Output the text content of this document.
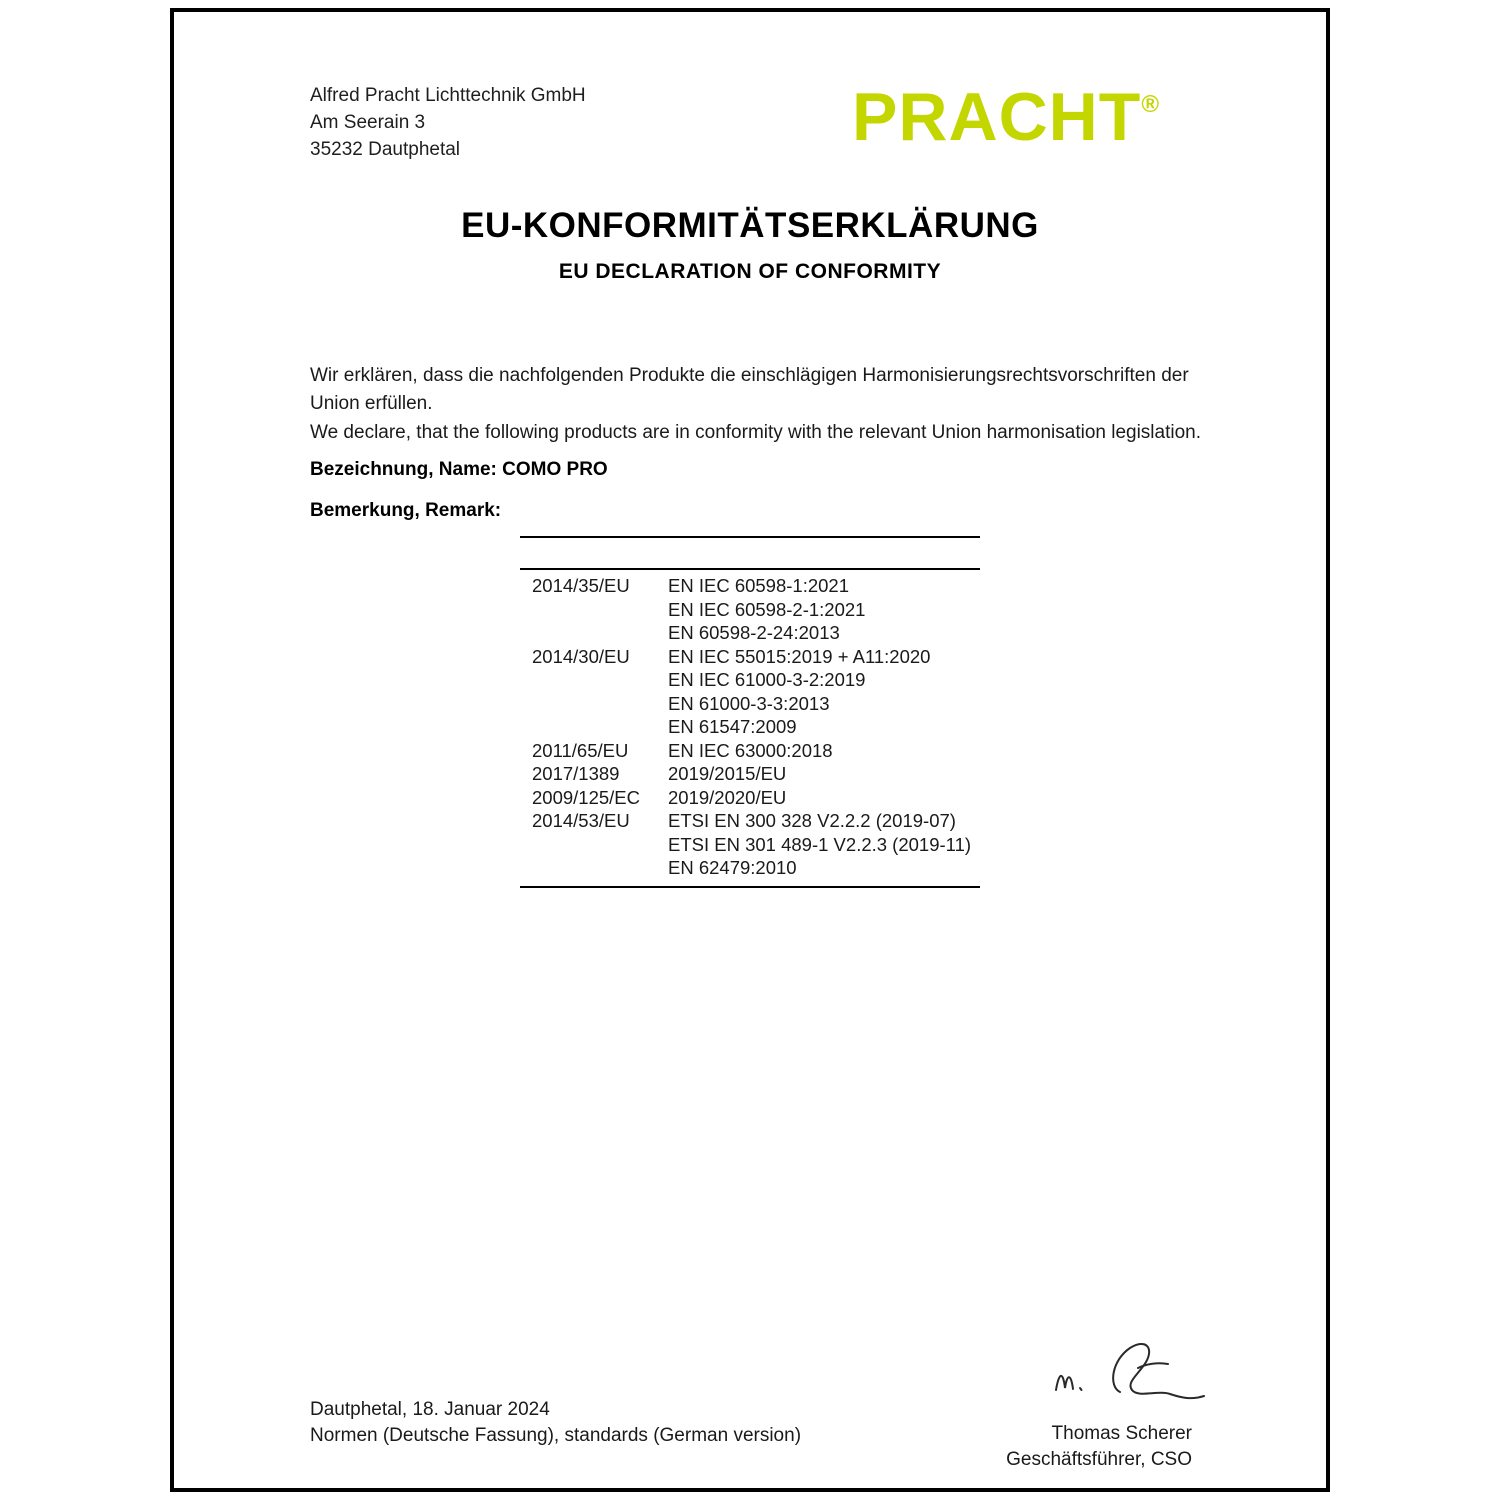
Alfred Pracht Lichttechnik GmbH
Am Seerain 3
35232 Dautphetal	PRACHT®
EU-KONFORMITÄTSERKLÄRUNG
EU DECLARATION OF CONFORMITY

Wir erklären, dass die nachfolgenden Produkte die einschlägigen Harmonisierungsrechtsvorschriften der Union erfüllen.

We declare, that the following products are in conformity with the relevant Union harmonisation legislation.

Bezeichnung, Name: COMO PRO
Bemerkung, Remark:
2014/35/EU	EN IEC 60598-1:2021
EN IEC 60598-2-1:2021
EN 60598-2-24:2013
2014/30/EU	EN IEC 55015:2019 + A11:2020
EN IEC 61000-3-2:2019
EN 61000-3-3:2013
EN 61547:2009
2011/65/EU	EN IEC 63000:2018
2017/1389	2019/2015/EU
2009/125/EC	2019/2020/EU
2014/53/EU	ETSI EN 300 328 V2.2.2 (2019-07)
ETSI EN 301 489-1 V2.2.3 (2019-11)
EN 62479:2010
Dautphetal, 18. Januar 2024
Normen (Deutsche Fassung), standards (German version)	Thomas Scherer
Geschäftsführer, CSO
